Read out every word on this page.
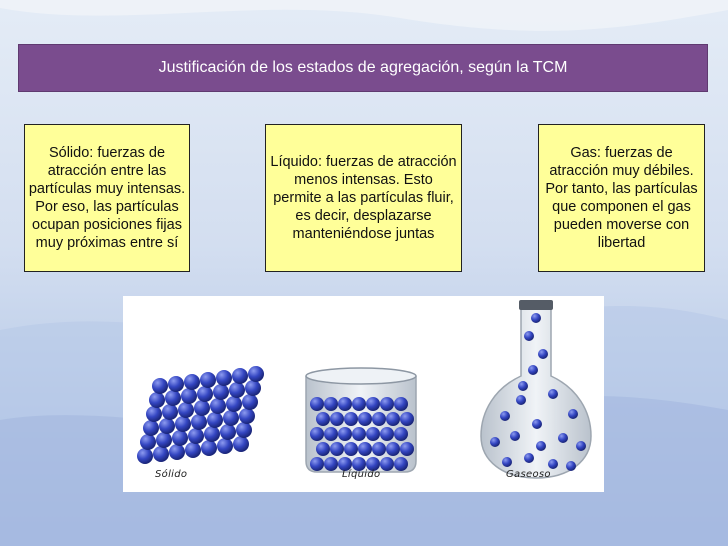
Justificación de los estados de agregación, según la TCM
Sólido: fuerzas de atracción entre las partículas muy intensas. Por eso, las partículas ocupan posiciones fijas muy próximas entre sí
Líquido: fuerzas de atracción menos intensas. Esto permite a las partículas fluir, es decir, desplazarse manteniéndose juntas
Gas: fuerzas de atracción muy débiles. Por tanto, las partículas que componen el gas pueden moverse con libertad
Sólido	Líquido	Gaseoso
